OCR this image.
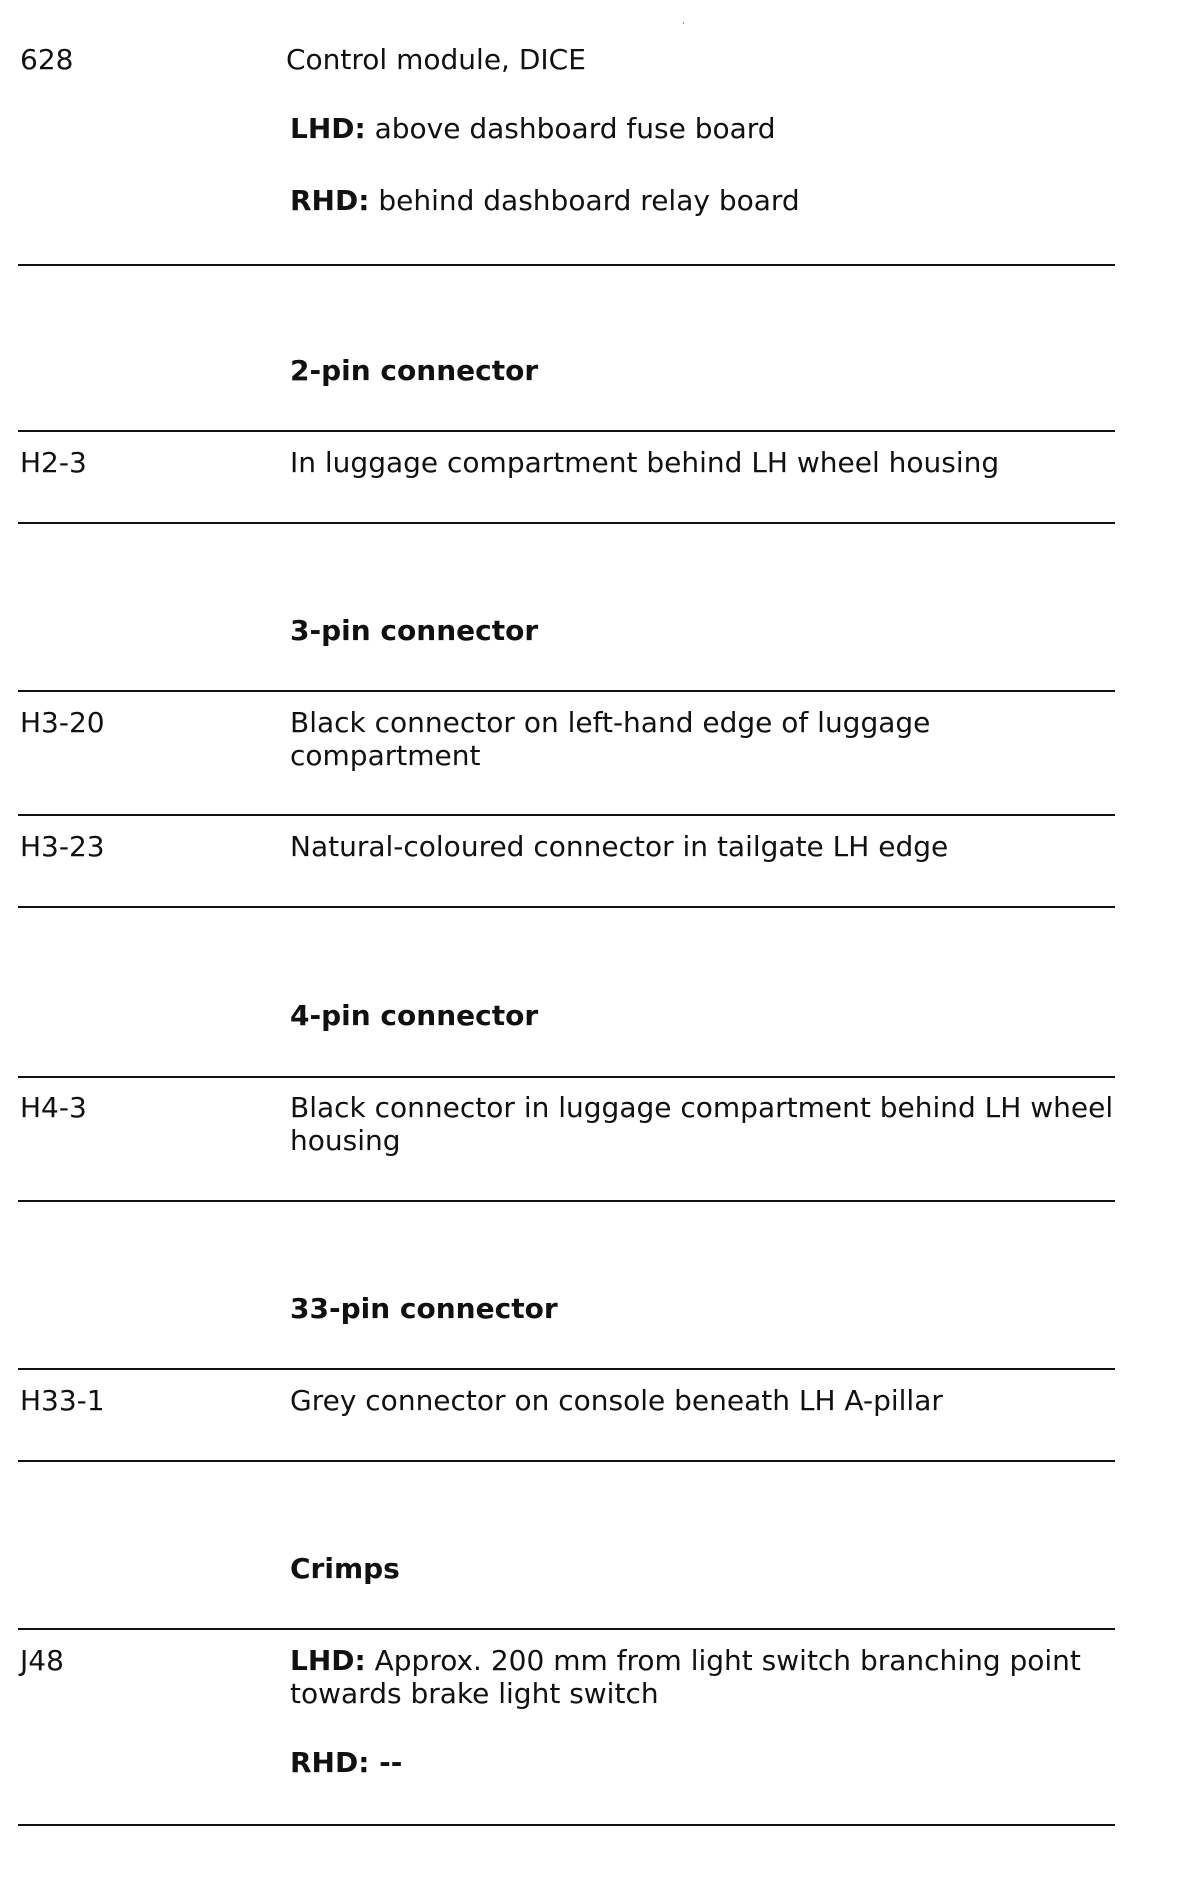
628	Control module, DICE
LHD: above dashboard fuse board
RHD: behind dashboard relay board
2-pin connector
H2-3	In luggage compartment behind LH wheel housing
3-pin connector
H3-20	Black connector on left-hand edge of luggage compartment
H3-23	Natural-coloured connector in tailgate LH edge
4-pin connector
H4-3	Black connector in luggage compartment behind LH wheel housing
33-pin connector
H33-1	Grey connector on console beneath LH A-pillar
Crimps
J48	LHD: Approx. 200 mm from light switch branching point towards brake light switch
RHD: --
